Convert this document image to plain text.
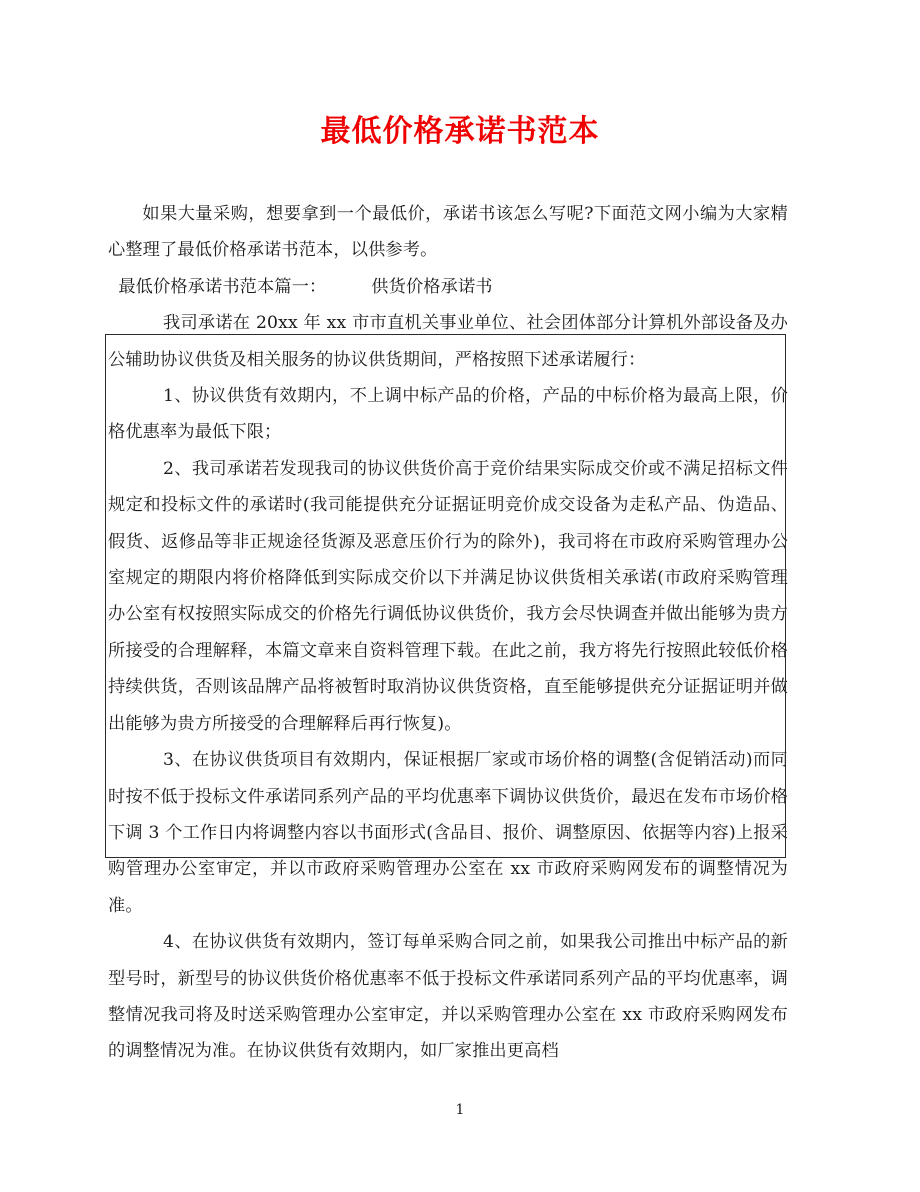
最低价格承诺书范本

如果大量采购，想要拿到一个最低价，承诺书该怎么写呢?下面范文网小编为大家精心整理了最低价格承诺书范本，以供参考。

最低价格承诺书范本篇一：        供货价格承诺书

我司承诺在 20xx 年 xx 市市直机关事业单位、社会团体部分计算机外部设备及办公辅助协议供货及相关服务的协议供货期间，严格按照下述承诺履行：

1、协议供货有效期内，不上调中标产品的价格，产品的中标价格为最高上限，价格优惠率为最低下限；

2、我司承诺若发现我司的协议供货价高于竞价结果实际成交价或不满足招标文件规定和投标文件的承诺时(我司能提供充分证据证明竞价成交设备为走私产品、伪造品、假货、返修品等非正规途径货源及恶意压价行为的除外)，我司将在市政府采购管理办公室规定的期限内将价格降低到实际成交价以下并满足协议供货相关承诺(市政府采购管理办公室有权按照实际成交的价格先行调低协议供货价，我方会尽快调查并做出能够为贵方所接受的合理解释，本篇文章来自资料管理下载。在此之前，我方将先行按照此较低价格持续供货，否则该品牌产品将被暂时取消协议供货资格，直至能够提供充分证据证明并做出能够为贵方所接受的合理解释后再行恢复)。

3、在协议供货项目有效期内，保证根据厂家或市场价格的调整(含促销活动)而同时按不低于投标文件承诺同系列产品的平均优惠率下调协议供货价，最迟在发布市场价格下调 3 个工作日内将调整内容以书面形式(含品目、报价、调整原因、依据等内容)上报采购管理办公室审定，并以市政府采购管理办公室在 xx 市政府采购网发布的调整情况为准。

4、在协议供货有效期内，签订每单采购合同之前，如果我公司推出中标产品的新型号时，新型号的协议供货价格优惠率不低于投标文件承诺同系列产品的平均优惠率，调整情况我司将及时送采购管理办公室审定，并以采购管理办公室在 xx 市政府采购网发布的调整情况为准。在协议供货有效期内，如厂家推出更高档

1
